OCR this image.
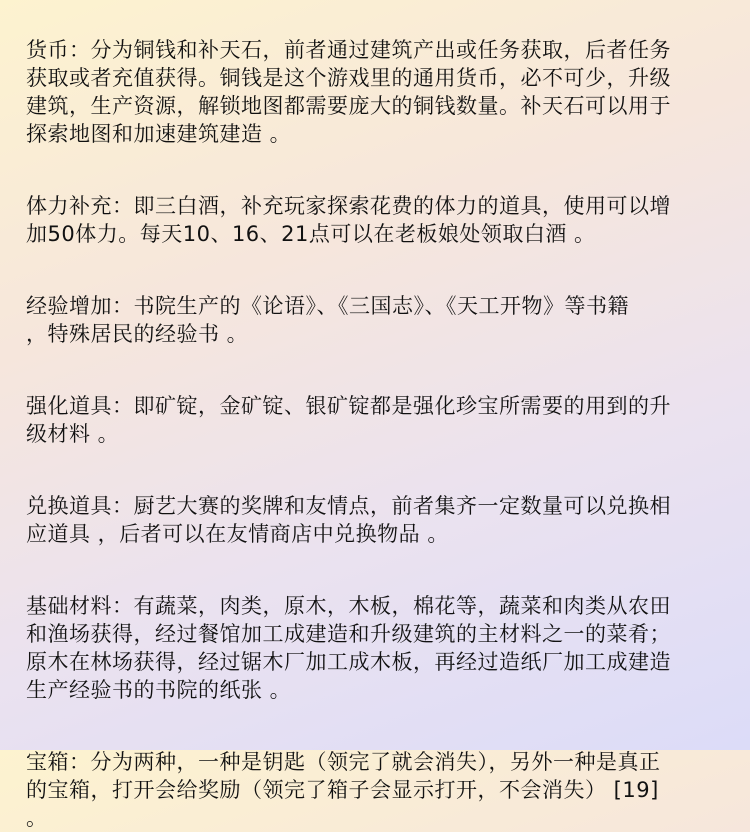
货币：分为铜钱和补天石，前者通过建筑产出或任务获取，后者任务
获取或者充值获得。铜钱是这个游戏里的通用货币，必不可少，升级
建筑，生产资源，解锁地图都需要庞大的铜钱数量。补天石可以用于
探索地图和加速建筑建造 。
体力补充：即三白酒，补充玩家探索花费的体力的道具，使用可以增
加50体力。每天10、16、21点可以在老板娘处领取白酒 。
经验增加：书院生产的《论语》、《三国志》、《天工开物》等书籍
，特殊居民的经验书 。
强化道具：即矿锭，金矿锭、银矿锭都是强化珍宝所需要的用到的升
级材料 。
兑换道具：厨艺大赛的奖牌和友情点，前者集齐一定数量可以兑换相
应道具 ，后者可以在友情商店中兑换物品 。
基础材料：有蔬菜，肉类，原木，木板，棉花等，蔬菜和肉类从农田
和渔场获得，经过餐馆加工成建造和升级建筑的主材料之一的菜肴；
原木在林场获得，经过锯木厂加工成木板，再经过造纸厂加工成建造
生产经验书的书院的纸张 。
宝箱：分为两种，一种是钥匙（领完了就会消失），另外一种是真正
的宝箱，打开会给奖励（领完了箱子会显示打开，不会消失） [19]
。
